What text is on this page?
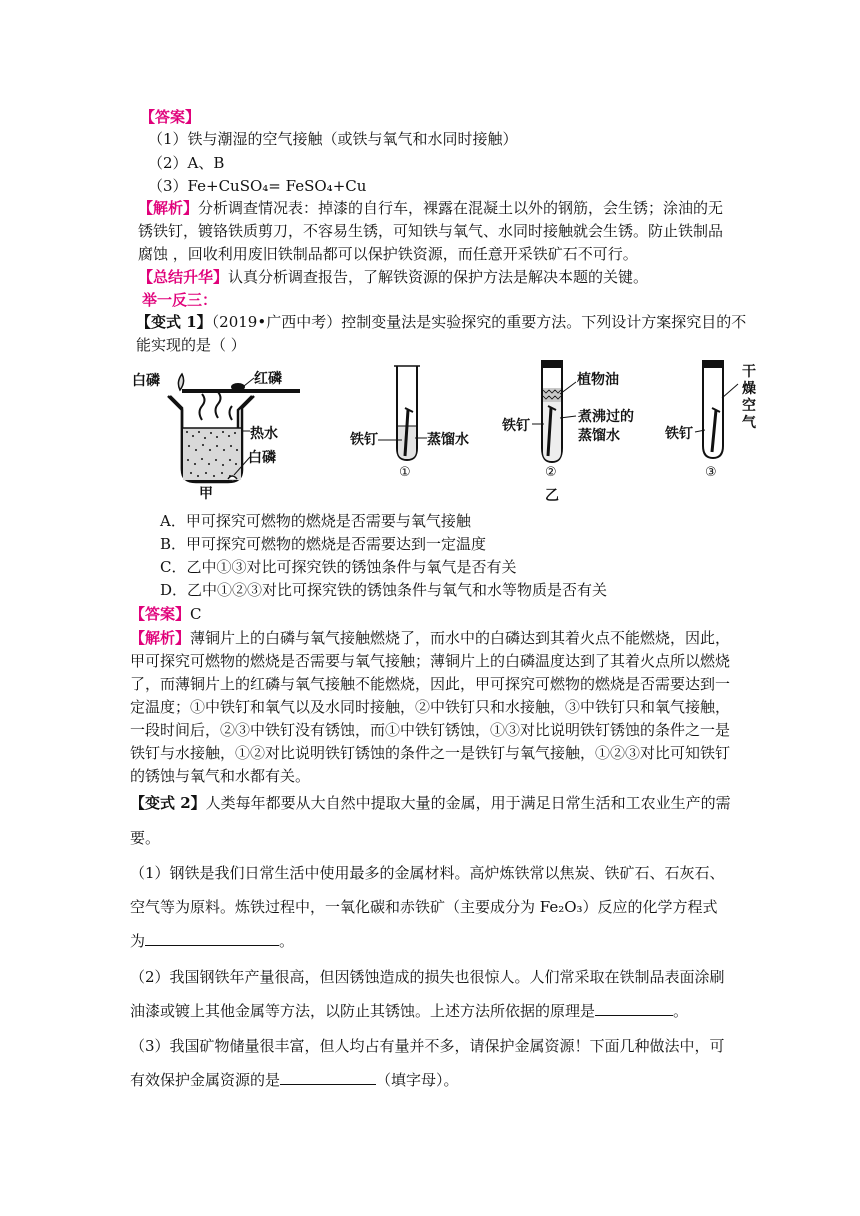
【答案】
（1）铁与潮湿的空气接触（或铁与氧气和水同时接触）
（2）A、B
（3）Fe+CuSO₄= FeSO₄+Cu
【解析】分析调查情况表：掉漆的自行车，裸露在混凝土以外的钢筋，会生锈；涂油的无
锈铁钉，镀铬铁质剪刀，不容易生锈，可知铁与氧气、水同时接触就会生锈。防止铁制品
腐蚀 ，回收利用废旧铁制品都可以保护铁资源，而任意开采铁矿石不可行。
【总结升华】认真分析调查报告，了解铁资源的保护方法是解决本题的关键。
举一反三：
【变式 1】（2019•广西中考）控制变量法是实验探究的重要方法。下列设计方案探究目的不
能实现的是（ ）
白磷	红磷
热水
白磷
甲
铁钉	蒸馏水
①
植物油
铁钉
煮沸过的
蒸馏水
②
乙
干
燥
空
气
铁钉
③
A．甲可探究可燃物的燃烧是否需要与氧气接触
B．甲可探究可燃物的燃烧是否需要达到一定温度
C．乙中①③对比可探究铁的锈蚀条件与氧气是否有关
D．乙中①②③对比可探究铁的锈蚀条件与氧气和水等物质是否有关
【答案】C
【解析】薄铜片上的白磷与氧气接触燃烧了，而水中的白磷达到其着火点不能燃烧，因此，
甲可探究可燃物的燃烧是否需要与氧气接触；薄铜片上的白磷温度达到了其着火点所以燃烧
了，而薄铜片上的红磷与氧气接触不能燃烧，因此，甲可探究可燃物的燃烧是否需要达到一
定温度；①中铁钉和氧气以及水同时接触，②中铁钉只和水接触，③中铁钉只和氧气接触，
一段时间后，②③中铁钉没有锈蚀，而①中铁钉锈蚀，①③对比说明铁钉锈蚀的条件之一是
铁钉与水接触，①②对比说明铁钉锈蚀的条件之一是铁钉与氧气接触，①②③对比可知铁钉
的锈蚀与氧气和水都有关。
【变式 2】人类每年都要从大自然中提取大量的金属，用于满足日常生活和工农业生产的需
要。
（1）钢铁是我们日常生活中使用最多的金属材料。高炉炼铁常以焦炭、铁矿石、石灰石、
空气等为原料。炼铁过程中，一氧化碳和赤铁矿（主要成分为 Fe₂O₃）反应的化学方程式
为	。
（2）我国钢铁年产量很高，但因锈蚀造成的损失也很惊人。人们常采取在铁制品表面涂刷
油漆或镀上其他金属等方法，以防止其锈蚀。上述方法所依据的原理是	。
（3）我国矿物储量很丰富，但人均占有量并不多，请保护金属资源！下面几种做法中，可
有效保护金属资源的是	（填字母）。
